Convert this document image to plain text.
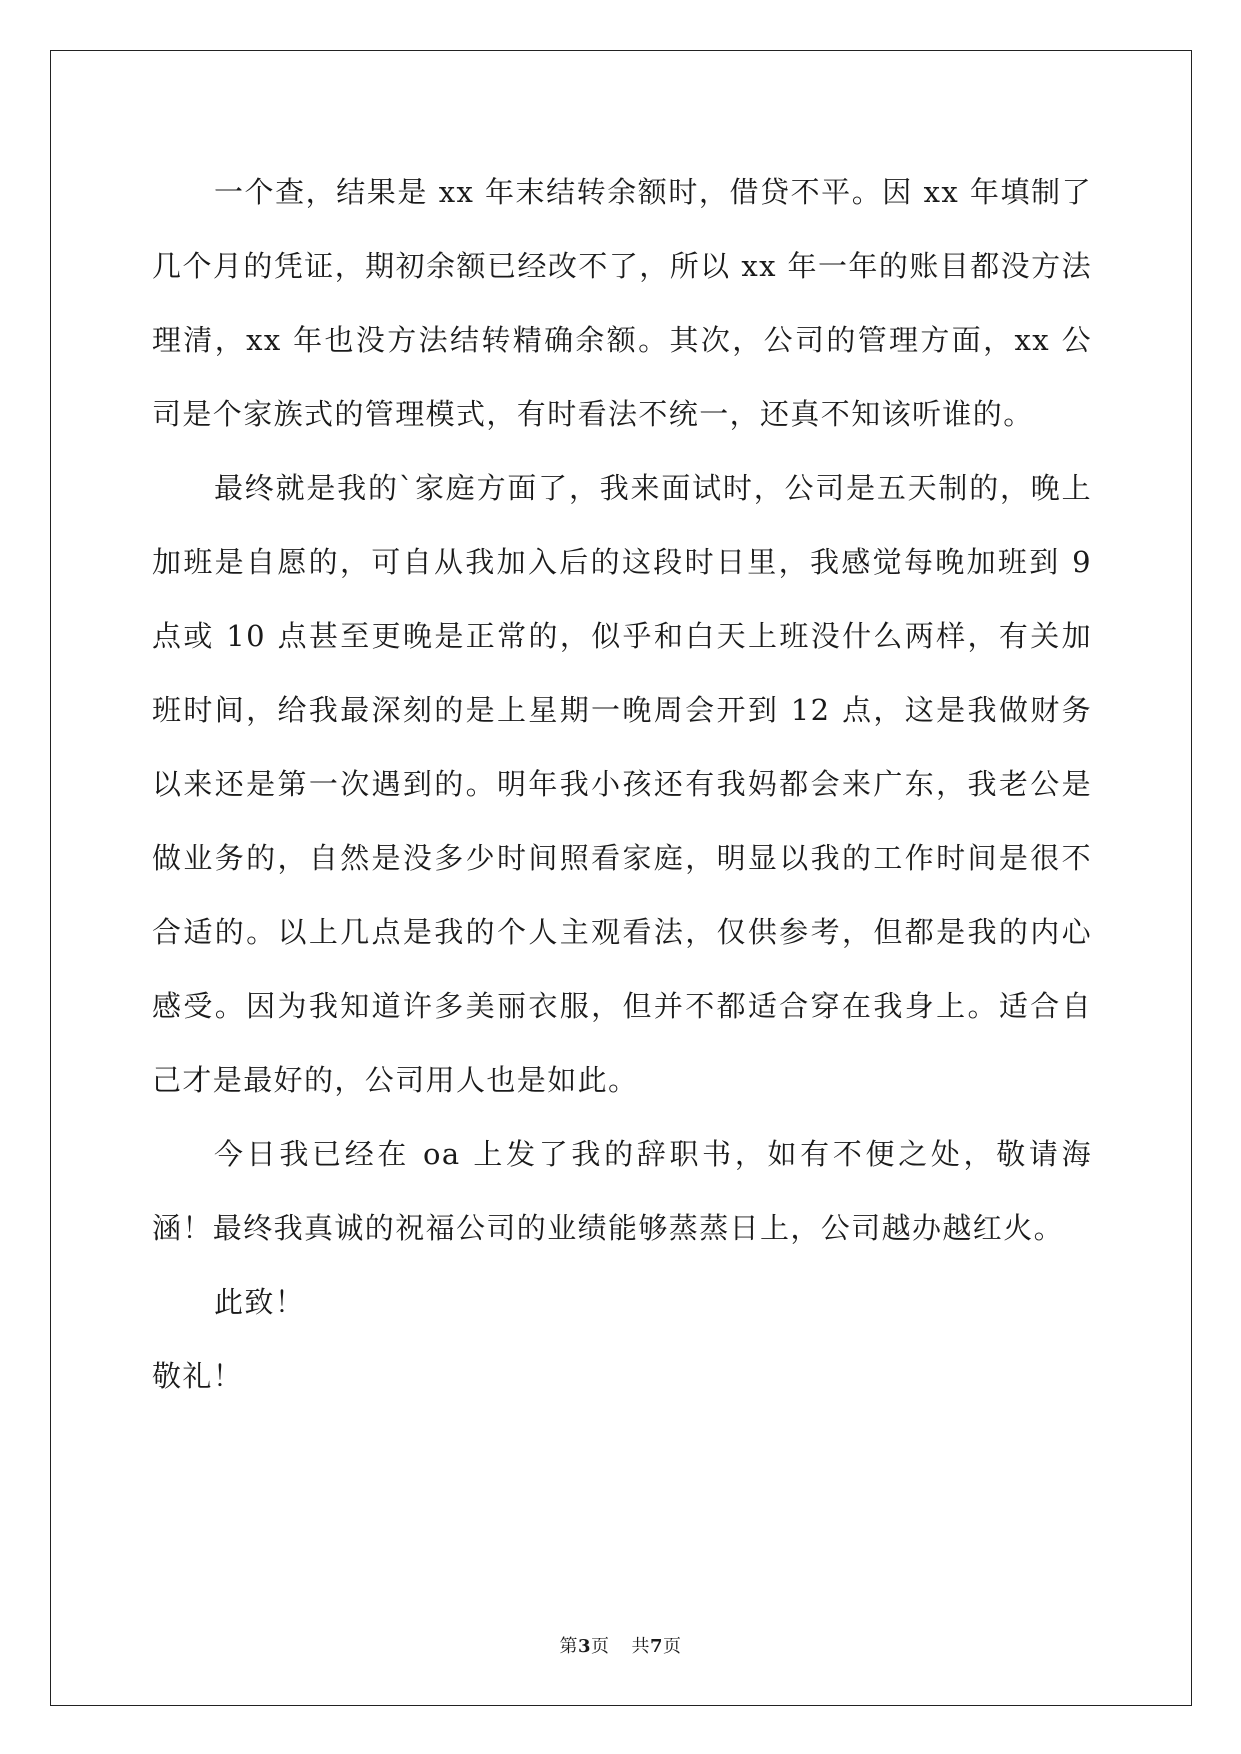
一个查，结果是 xx 年末结转余额时，借贷不平。因 xx 年填制了几个月的凭证，期初余额已经改不了，所以 xx 年一年的账目都没方法理清，xx 年也没方法结转精确余额。其次，公司的管理方面，xx 公司是个家族式的管理模式，有时看法不统一，还真不知该听谁的。

最终就是我的`家庭方面了，我来面试时，公司是五天制的，晚上加班是自愿的，可自从我加入后的这段时日里，我感觉每晚加班到 9 点或 10 点甚至更晚是正常的，似乎和白天上班没什么两样，有关加班时间，给我最深刻的是上星期一晚周会开到 12 点，这是我做财务以来还是第一次遇到的。明年我小孩还有我妈都会来广东，我老公是做业务的，自然是没多少时间照看家庭，明显以我的工作时间是很不合适的。以上几点是我的个人主观看法，仅供参考，但都是我的内心感受。因为我知道许多美丽衣服，但并不都适合穿在我身上。适合自己才是最好的，公司用人也是如此。

今日我已经在 oa 上发了我的辞职书，如有不便之处，敬请海涵！最终我真诚的祝福公司的业绩能够蒸蒸日上，公司越办越红火。

此致！

敬礼！

第3页 共7页
